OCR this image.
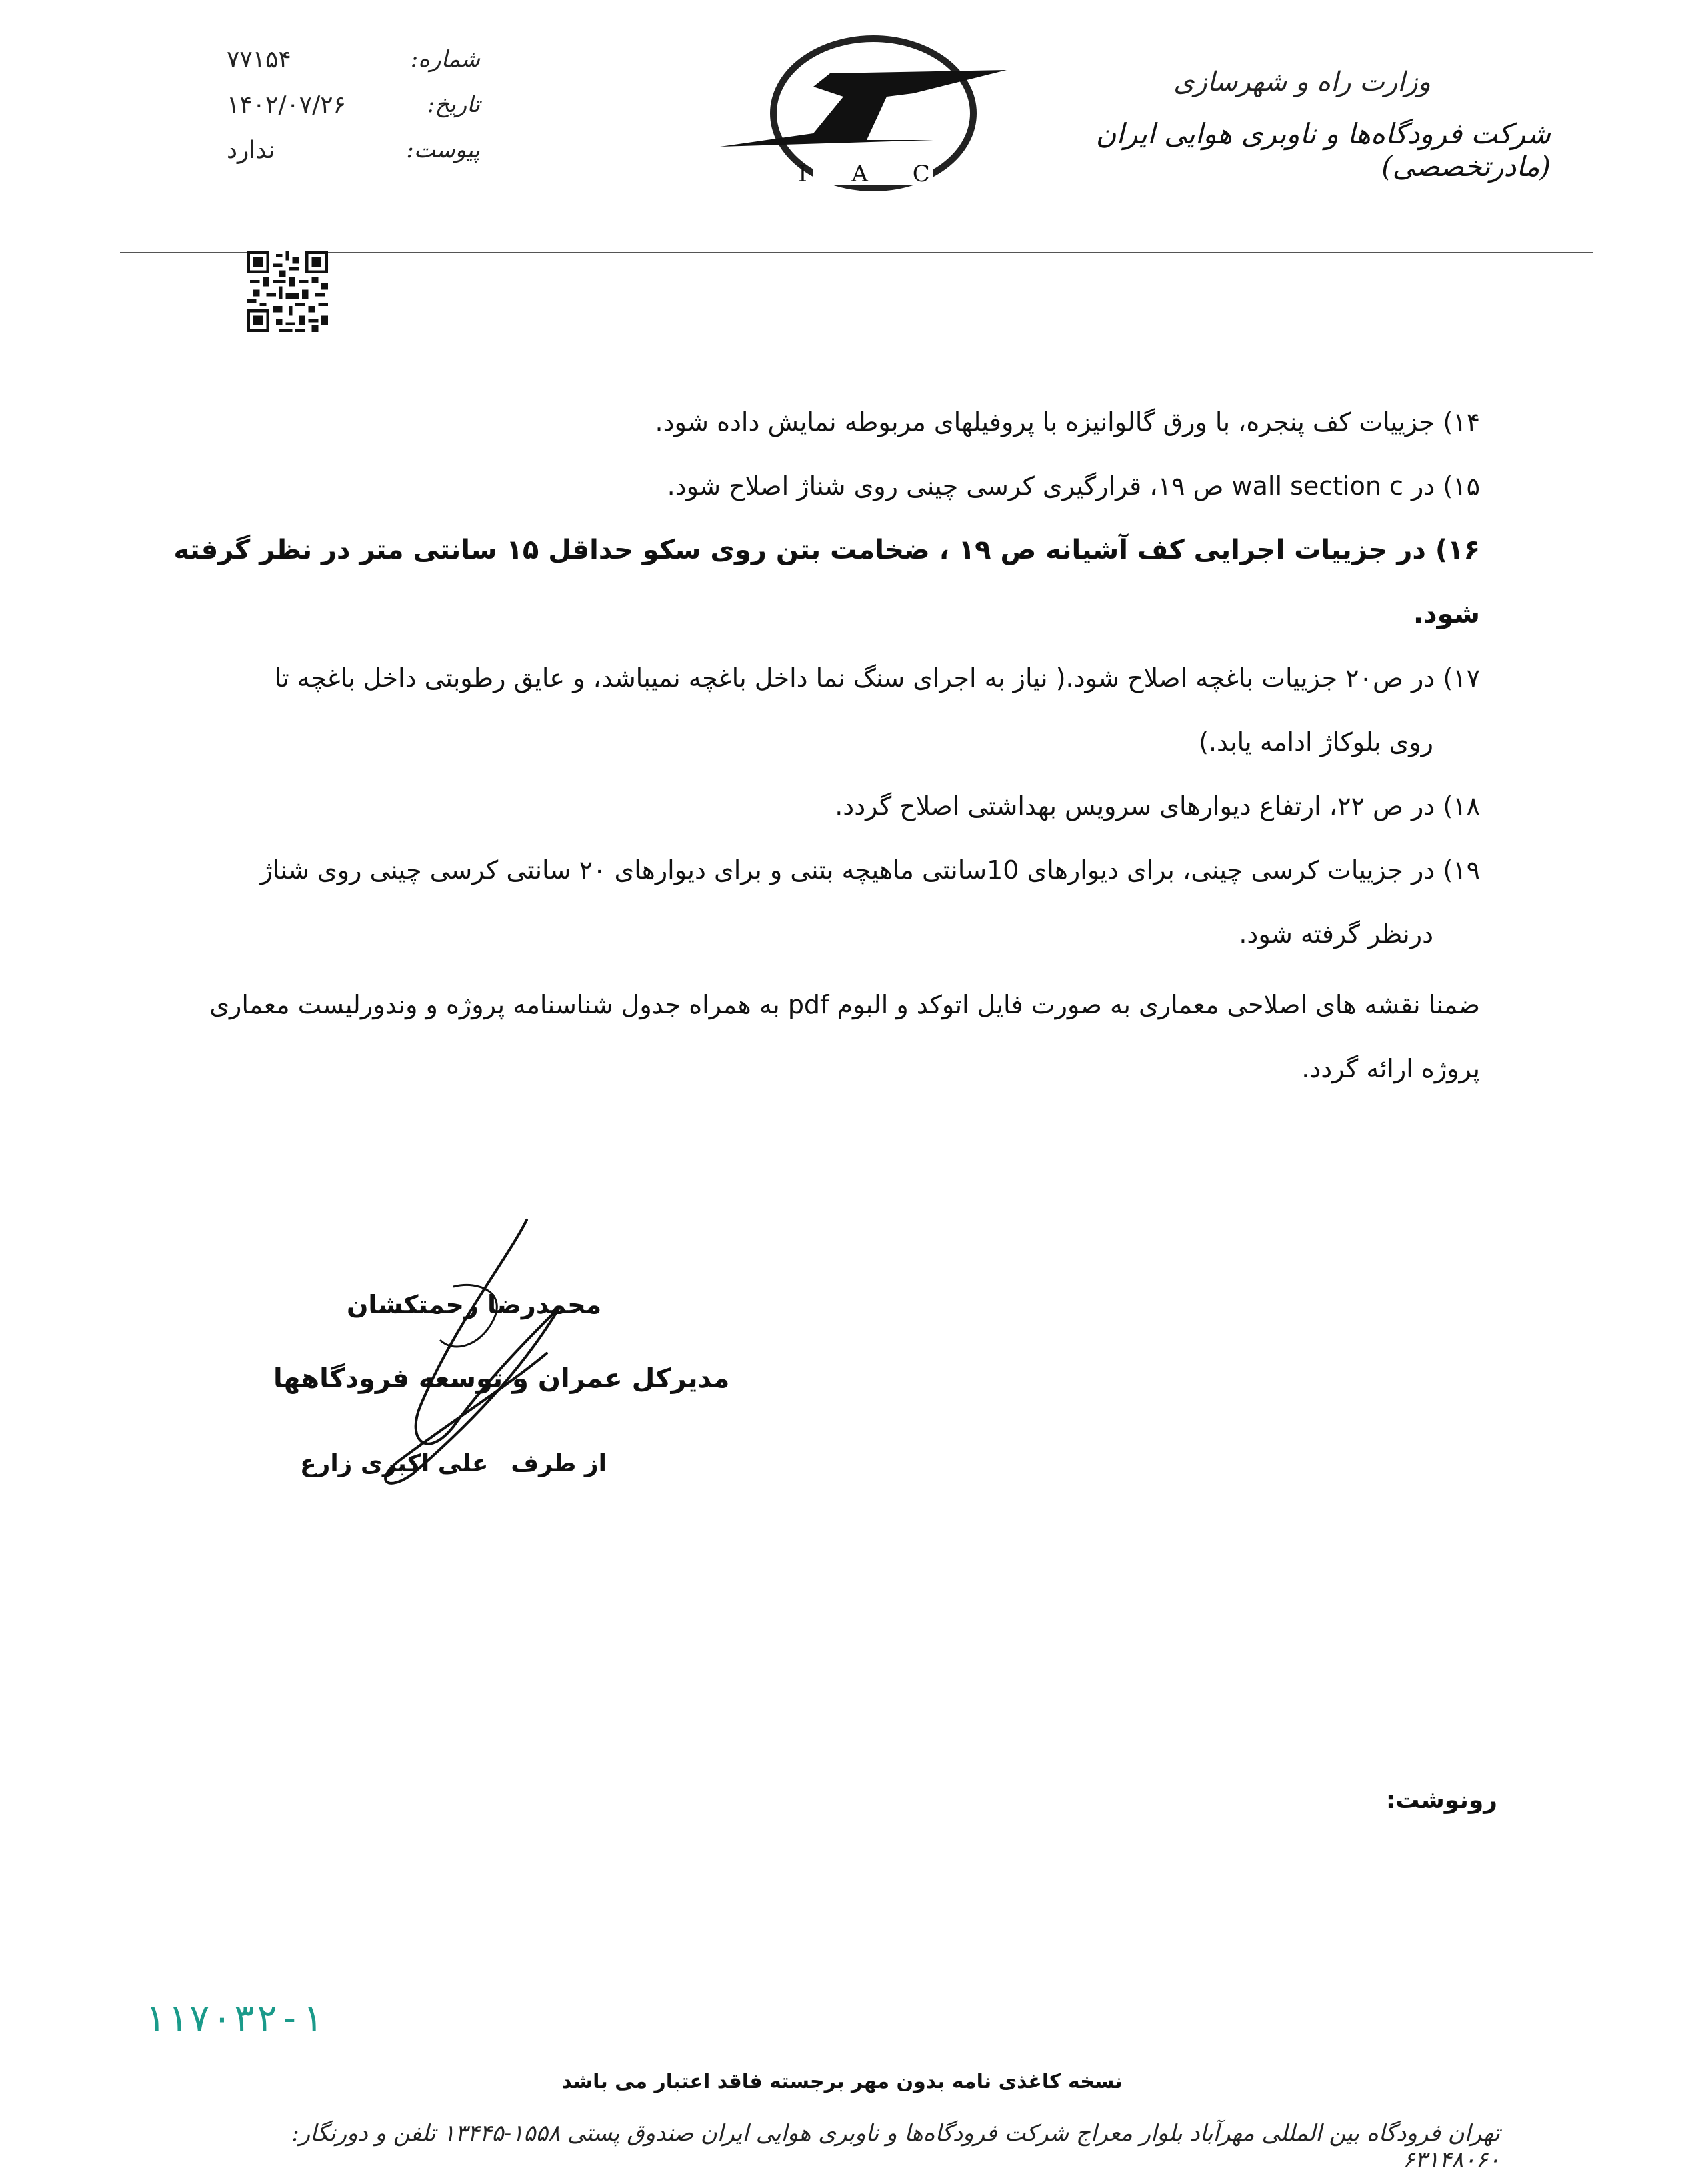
وزارت راه و شهرسازی
شرکت فرودگاه‌ها و ناوبری هوایی ایران (مادرتخصصی)
I A C
شماره:
۷۷۱۵۴
تاریخ:
۱۴۰۲/۰۷/۲۶
پیوست:
ندارد
۱۴) جزییات کف پنجره، با ورق گالوانیزه با پروفیلهای مربوطه نمایش داده شود.
۱۵) در wall section c ص ۱۹، قرارگیری کرسی چینی روی شناژ اصلاح شود.
۱۶) در جزییات اجرایی کف آشیانه ص ۱۹ ، ضخامت بتن روی سکو حداقل ۱۵ سانتی متر در نظر گرفته شود.
۱۷) در ص۲۰ جزییات باغچه اصلاح شود.( نیاز به اجرای سنگ نما داخل باغچه نمیباشد، و عایق رطوبتی داخل باغچه تا
روی بلوکاژ ادامه یابد.)
۱۸) در ص ۲۲، ارتفاع دیوارهای سرویس بهداشتی اصلاح گردد.
۱۹) در جزییات کرسی چینی، برای دیوارهای 10سانتی ماهیچه بتنی و برای دیوارهای ۲۰ سانتی کرسی چینی روی شناژ
درنظر گرفته شود.
ضمنا نقشه های اصلاحی معماری به صورت فایل اتوکد و البوم pdf به همراه جدول شناسنامه پروژه و وندورلیست معماری پروژه ارائه گردد.
محمدرضا رحمتکشان
مدیرکل عمران و توسعه فرودگاهها
از طرف
علی اکبری زارع
رونوشت:
۱۱۷۰۳۲-۱
نسخه کاغذی نامه بدون مهر برجسته فاقد اعتبار می باشد
تهران فرودگاه بین المللی مهرآباد بلوار معراج شرکت فرودگاه‌ها و ناوبری هوایی ایران صندوق پستی ۱۵۵۸-۱۳۴۴۵ تلفن و دورنگار: ۶۳۱۴۸۰۶۰
